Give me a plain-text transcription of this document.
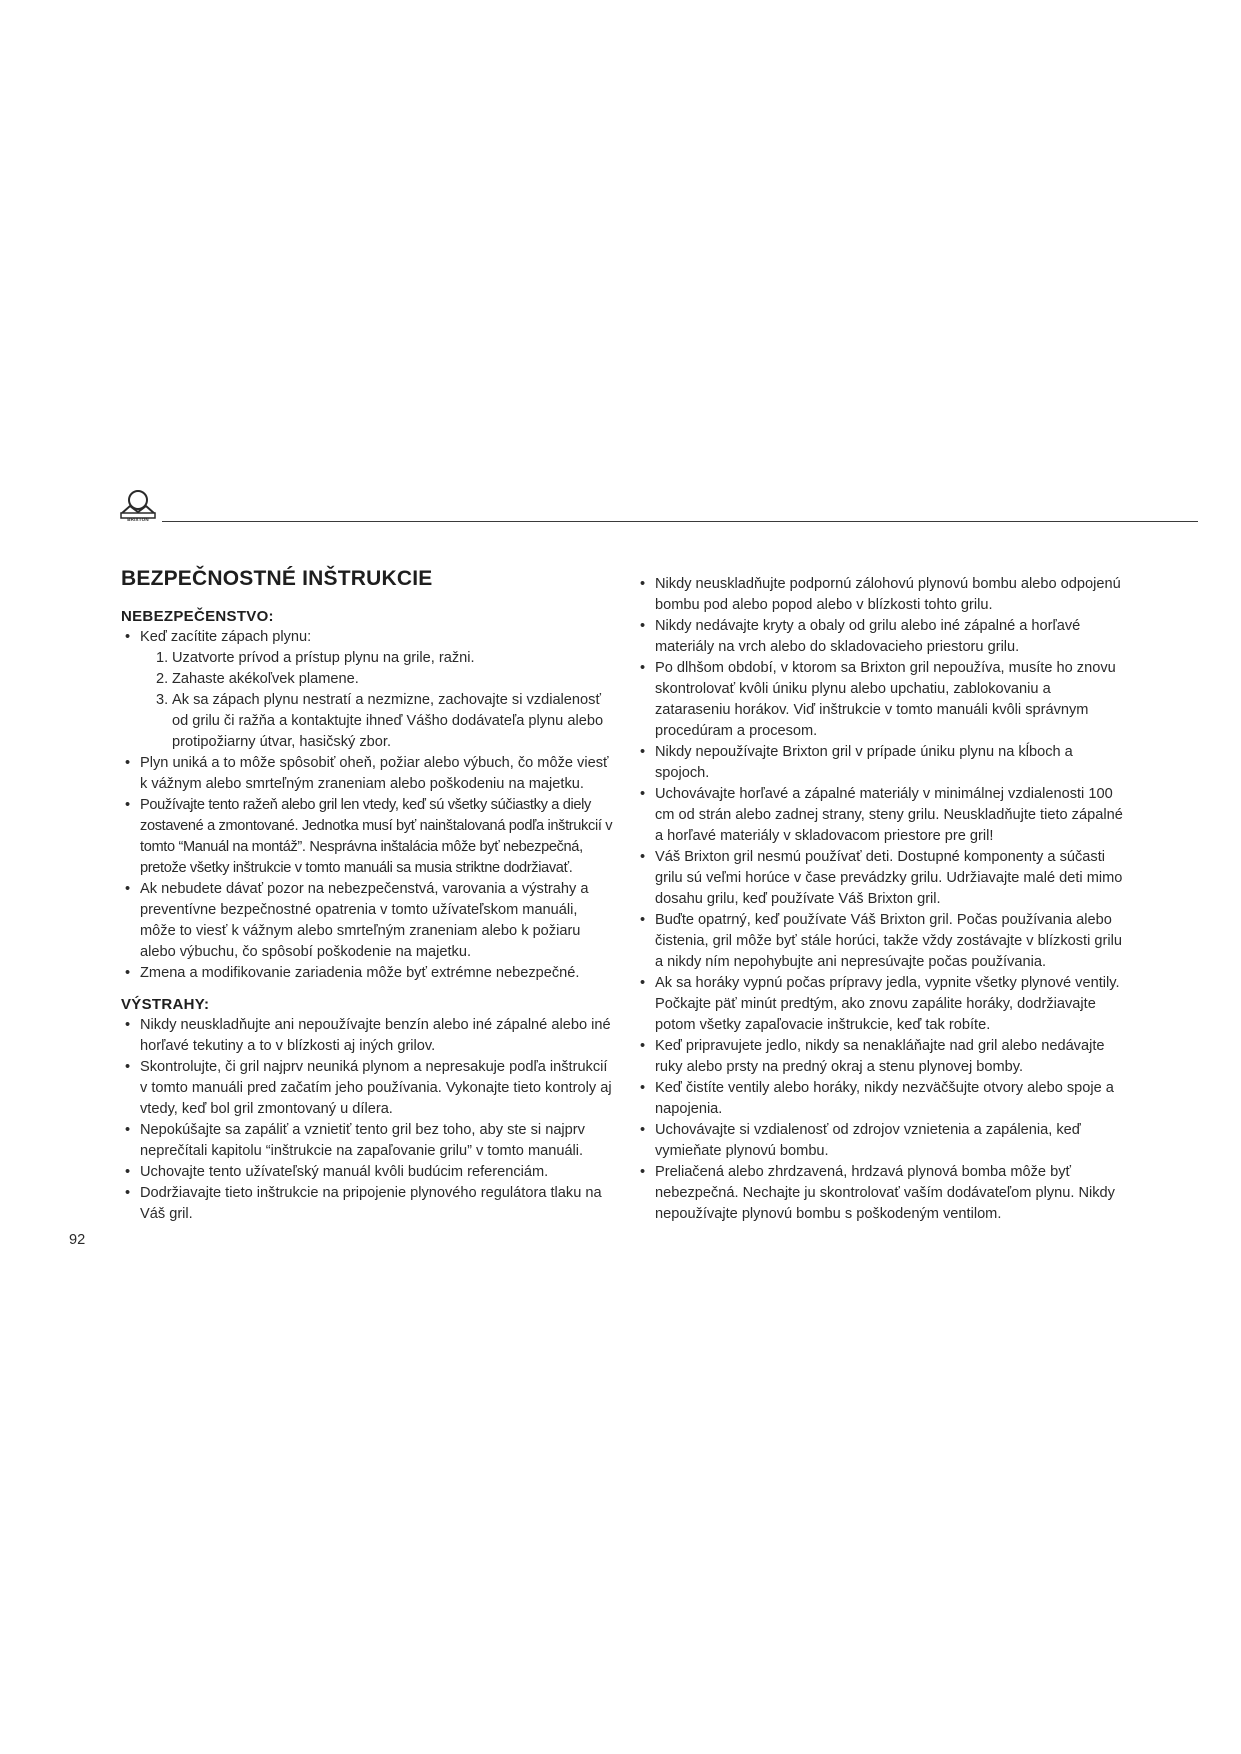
BRIXTON
BEZPEČNOSTNÉ INŠTRUKCIE
NEBEZPEČENSTVO:
• Keď zacítite zápach plynu:
1. Uzatvorte prívod a prístup plynu na grile, ražni.
2. Zahaste akékoľvek plamene.
3. Ak sa zápach plynu nestratí a nezmizne, zachovajte si vzdialenosť od grilu či ražňa a kontaktujte ihneď Vášho dodávateľa plynu alebo protipožiarny útvar, hasičský zbor.
• Plyn uniká a to môže spôsobiť oheň, požiar alebo výbuch, čo môže viesť k vážnym alebo smrteľným zraneniam alebo poškodeniu na majetku.
• Používajte tento ražeň alebo gril len vtedy, keď sú všetky súčiastky a diely zostavené a zmontované. Jednotka musí byť nainštalovaná podľa inštrukcií v tomto “Manuál na montáž”. Nesprávna inštalácia môže byť nebezpečná, pretože všetky inštrukcie v tomto manuáli sa musia striktne dodržiavať.
• Ak nebudete dávať pozor na nebezpečenstvá, varovania a výstrahy a preventívne bezpečnostné opatrenia v tomto užívateľskom manuáli, môže to viesť k vážnym alebo smrteľným zraneniam alebo k požiaru alebo výbuchu, čo spôsobí poškodenie na majetku.
• Zmena a modifikovanie zariadenia môže byť extrémne nebezpečné.
VÝSTRAHY:
• Nikdy neuskladňujte ani nepoužívajte benzín alebo iné zápalné alebo iné horľavé tekutiny a to v blízkosti aj iných grilov.
• Skontrolujte, či gril najprv neuniká plynom a nepresakuje podľa inštrukcií v tomto manuáli pred začatím jeho používania. Vykonajte tieto kontroly aj vtedy, keď bol gril zmontovaný u dílera.
• Nepokúšajte sa zapáliť a vznietiť tento gril bez toho, aby ste si najprv neprečítali kapitolu “inštrukcie na zapaľovanie grilu” v tomto manuáli.
• Uchovajte tento užívateľský manuál kvôli budúcim referenciám.
• Dodržiavajte tieto inštrukcie na pripojenie plynového regulátora tlaku na Váš gril.
• Nikdy neuskladňujte podpornú zálohovú plynovú bombu alebo odpojenú bombu pod alebo popod alebo v blízkosti tohto grilu.
• Nikdy nedávajte kryty a obaly od grilu alebo iné zápalné a horľavé materiály na vrch alebo do skladovacieho priestoru grilu.
• Po dlhšom období, v ktorom sa Brixton gril nepoužíva, musíte ho znovu skontrolovať kvôli úniku plynu alebo upchatiu, zablokovaniu a zataraseniu horákov. Viď inštrukcie v tomto manuáli kvôli správnym procedúram a procesom.
• Nikdy nepoužívajte Brixton gril v prípade úniku plynu na kĺboch a spojoch.
• Uchovávajte horľavé a zápalné materiály v minimálnej vzdialenosti 100 cm od strán alebo zadnej strany, steny grilu. Neuskladňujte tieto zápalné a horľavé materiály v skladovacom priestore pre gril!
• Váš Brixton gril nesmú používať deti. Dostupné komponenty a súčasti grilu sú veľmi horúce v čase prevádzky grilu. Udržiavajte malé deti mimo dosahu grilu, keď používate Váš Brixton gril.
• Buďte opatrný, keď používate Váš Brixton gril. Počas používania alebo čistenia, gril môže byť stále horúci, takže vždy zostávajte v blízkosti grilu a nikdy ním nepohybujte ani nepresúvajte počas používania.
• Ak sa horáky vypnú počas prípravy jedla, vypnite všetky plynové ventily. Počkajte päť minút predtým, ako znovu zapálite horáky, dodržiavajte potom všetky zapaľovacie inštrukcie, keď tak robíte.
• Keď pripravujete jedlo, nikdy sa nenakláňajte nad gril alebo nedávajte ruky alebo prsty na predný okraj a stenu plynovej bomby.
• Keď čistíte ventily alebo horáky, nikdy nezväčšujte otvory alebo spoje a napojenia.
• Uchovávajte si vzdialenosť od zdrojov vznietenia a zapálenia, keď vymieňate plynovú bombu.
• Preliačená alebo zhrdzavená, hrdzavá plynová bomba môže byť nebezpečná. Nechajte ju skontrolovať vaším dodávateľom plynu. Nikdy nepoužívajte plynovú bombu s poškodeným ventilom.
92
